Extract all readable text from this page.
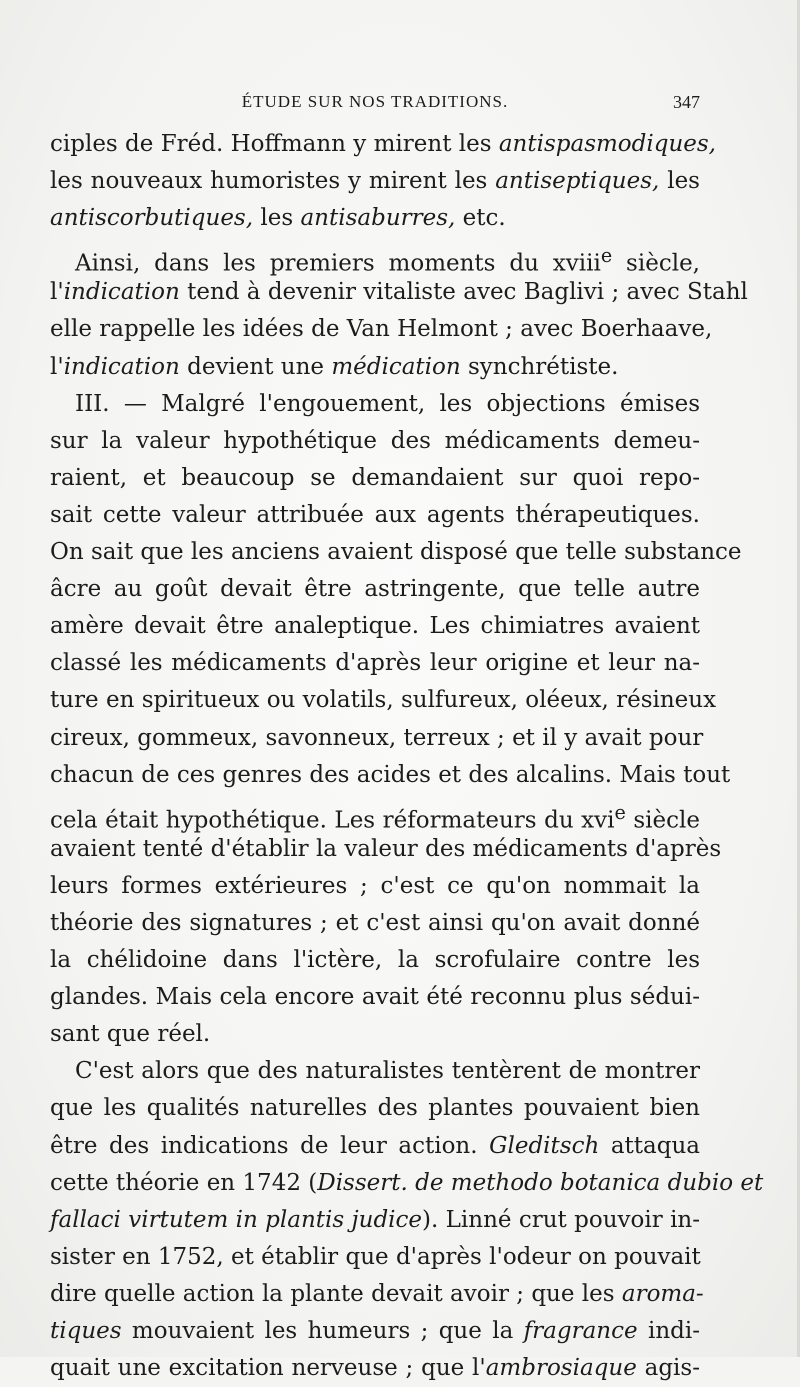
ÉTUDE SUR NOS TRADITIONS.	347
ciples de Fréd. Hoffmann y mirent les antispasmodiques,
les nouveaux humoristes y mirent les antiseptiques, les
antiscorbutiques, les antisaburres, etc.
Ainsi, dans les premiers moments du xviii$^e$ siècle,
l'indication tend à devenir vitaliste avec Baglivi ; avec Stahl
elle rappelle les idées de Van Helmont ; avec Boerhaave,
l'indication devient une médication synchrétiste.
III. — Malgré l'engouement, les objections émises
sur la valeur hypothétique des médicaments demeu-
raient, et beaucoup se demandaient sur quoi repo-
sait cette valeur attribuée aux agents thérapeutiques.
On sait que les anciens avaient disposé que telle substance
âcre au goût devait être astringente, que telle autre
amère devait être analeptique. Les chimiatres avaient
classé les médicaments d'après leur origine et leur na-
ture en spiritueux ou volatils, sulfureux, oléeux, résineux
cireux, gommeux, savonneux, terreux ; et il y avait pour
chacun de ces genres des acides et des alcalins. Mais tout
cela était hypothétique. Les réformateurs du xvi$^e$ siècle
avaient tenté d'établir la valeur des médicaments d'après
leurs formes extérieures ; c'est ce qu'on nommait la
théorie des signatures ; et c'est ainsi qu'on avait donné
la chélidoine dans l'ictère, la scrofulaire contre les
glandes. Mais cela encore avait été reconnu plus sédui-
sant que réel.
C'est alors que des naturalistes tentèrent de montrer
que les qualités naturelles des plantes pouvaient bien
être des indications de leur action. Gleditsch attaqua
cette théorie en 1742 (Dissert. de methodo botanica dubio et
fallaci virtutem in plantis judice). Linné crut pouvoir in-
sister en 1752, et établir que d'après l'odeur on pouvait
dire quelle action la plante devait avoir ; que les aroma-
tiques mouvaient les humeurs ; que la fragrance indi-
quait une excitation nerveuse ; que l'ambrosiaque agis-
